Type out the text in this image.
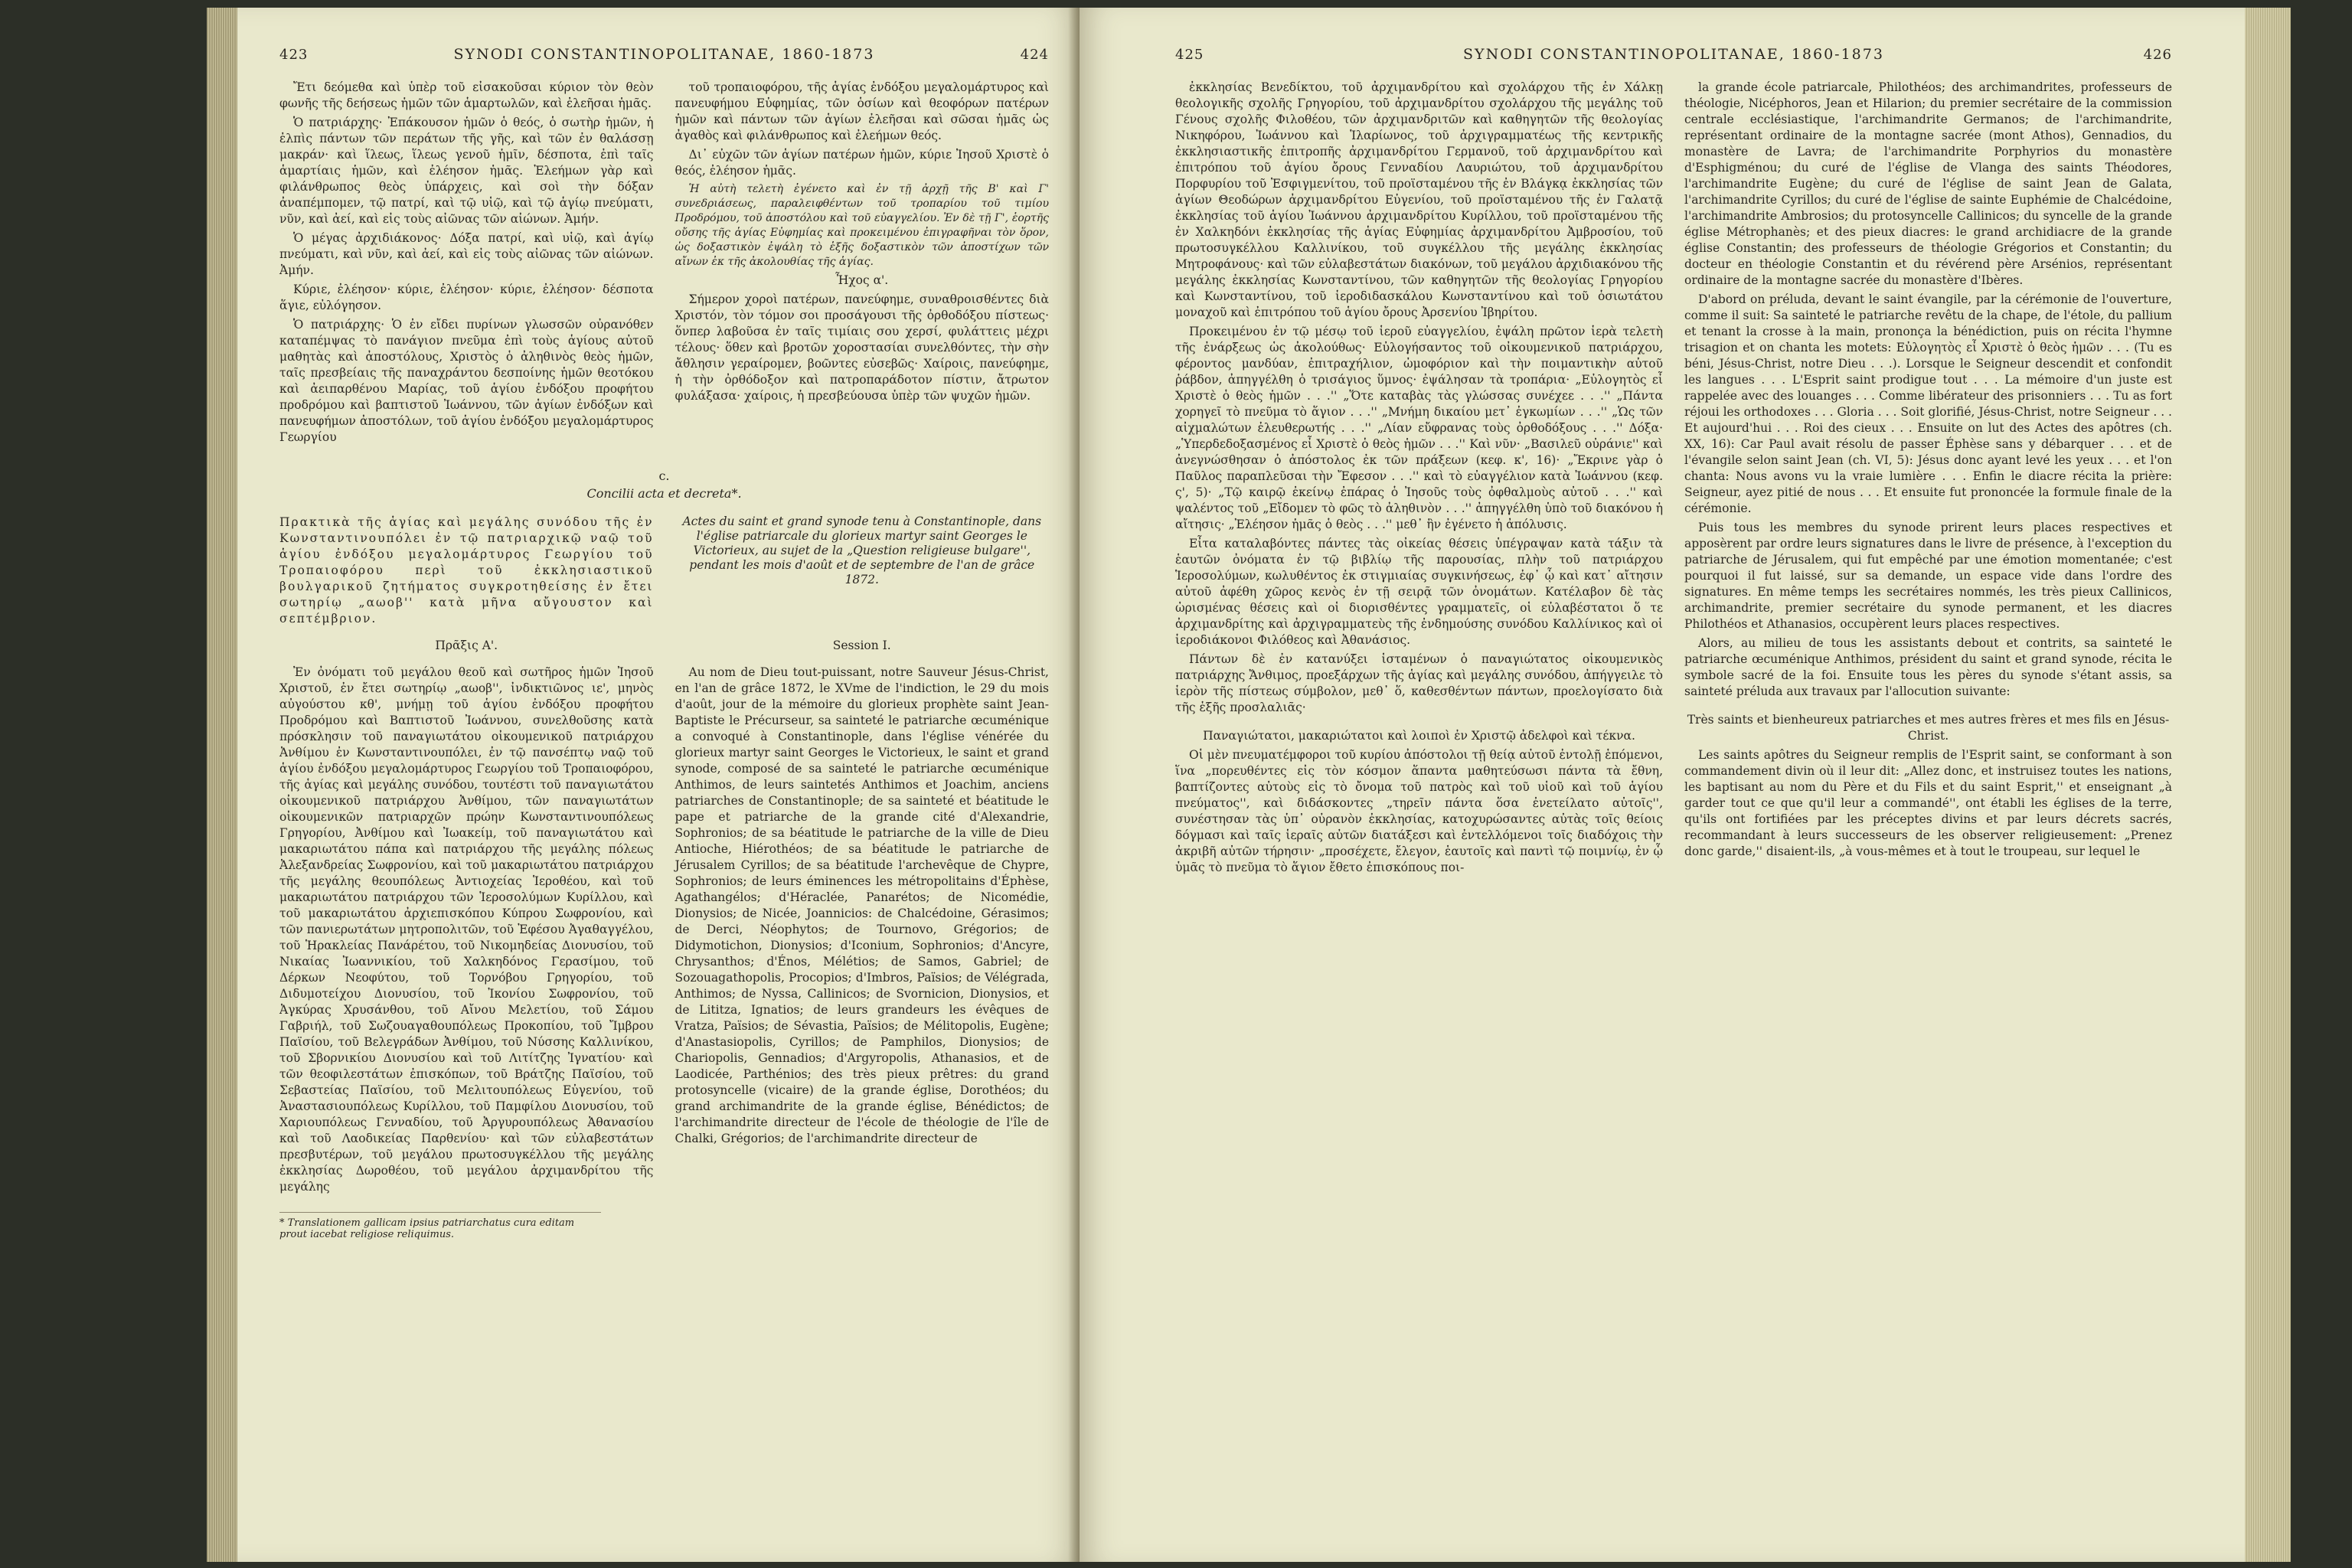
423	SYNODI CONSTANTINOPOLITANAE, 1860-1873	424

Ἔτι δεόμεθα καὶ ὑπὲρ τοῦ εἰσακοῦσαι κύριον τὸν θεὸν φωνῆς τῆς δεήσεως ἡμῶν τῶν ἁμαρτωλῶν, καὶ ἐλεῆσαι ἡμᾶς.

Ὁ πατριάρχης· Ἐπάκουσον ἡμῶν ὁ θεός, ὁ σωτὴρ ἡμῶν, ἡ ἐλπὶς πάντων τῶν περάτων τῆς γῆς, καὶ τῶν ἐν θαλάσσῃ μακράν· καὶ ἵλεως, ἵλεως γενοῦ ἡμῖν, δέσποτα, ἐπὶ ταῖς ἁμαρτίαις ἡμῶν, καὶ ἐλέησον ἡμᾶς. Ἐλεήμων γὰρ καὶ φιλάνθρωπος θεὸς ὑπάρχεις, καὶ σοὶ τὴν δόξαν ἀναπέμπομεν, τῷ πατρί, καὶ τῷ υἱῷ, καὶ τῷ ἁγίῳ πνεύματι, νῦν, καὶ ἀεί, καὶ εἰς τοὺς αἰῶνας τῶν αἰώνων. Ἀμήν.

Ὁ μέγας ἀρχιδιάκονος· Δόξα πατρί, καὶ υἱῷ, καὶ ἁγίῳ πνεύματι, καὶ νῦν, καὶ ἀεί, καὶ εἰς τοὺς αἰῶνας τῶν αἰώνων. Ἀμήν.

Κύριε, ἐλέησον· κύριε, ἐλέησον· κύριε, ἐλέησον· δέσποτα ἅγιε, εὐλόγησον.

Ὁ πατριάρχης· Ὁ ἐν εἴδει πυρίνων γλωσσῶν οὐρανόθεν καταπέμψας τὸ πανάγιον πνεῦμα ἐπὶ τοὺς ἁγίους αὐτοῦ μαθητὰς καὶ ἀποστόλους, Χριστὸς ὁ ἀληθινὸς θεὸς ἡμῶν, ταῖς πρεσβείαις τῆς παναχράντου δεσποίνης ἡμῶν θεοτόκου καὶ ἀειπαρθένου Μαρίας, τοῦ ἁγίου ἐνδόξου προφήτου προδρόμου καὶ βαπτιστοῦ Ἰωάννου, τῶν ἁγίων ἐνδόξων καὶ πανευφήμων ἀποστόλων, τοῦ ἁγίου ἐνδόξου μεγαλομάρτυρος Γεωργίου

τοῦ τροπαιοφόρου, τῆς ἁγίας ἐνδόξου μεγαλομάρτυρος καὶ πανευφήμου Εὐφημίας, τῶν ὁσίων καὶ θεοφόρων πατέρων ἡμῶν καὶ πάντων τῶν ἁγίων ἐλεῆσαι καὶ σῶσαι ἡμᾶς ὡς ἀγαθὸς καὶ φιλάνθρωπος καὶ ἐλεήμων θεός.

Δι᾽ εὐχῶν τῶν ἁγίων πατέρων ἡμῶν, κύριε Ἰησοῦ Χριστὲ ὁ θεός, ἐλέησον ἡμᾶς.

Ἡ αὐτὴ τελετὴ ἐγένετο καὶ ἐν τῇ ἀρχῇ τῆς Β' καὶ Γ' συνεδριάσεως, παραλειφθέντων τοῦ τροπαρίου τοῦ τιμίου Προδρόμου, τοῦ ἀποστόλου καὶ τοῦ εὐαγγελίου. Ἐν δὲ τῇ Γ', ἑορτῆς οὔσης τῆς ἁγίας Εὐφημίας καὶ προκειμένου ἐπιγραφῆναι τὸν ὅρον, ὡς δοξαστικὸν ἐψάλη τὸ ἑξῆς δοξαστικὸν τῶν ἀποστίχων τῶν αἴνων ἐκ τῆς ἀκολουθίας τῆς ἁγίας.

Ἦχος α'.

Σήμερον χοροὶ πατέρων, πανεύφημε, συναθροισθέντες διὰ Χριστόν, τὸν τόμον σοι προσάγουσι τῆς ὀρθοδόξου πίστεως· ὅνπερ λαβοῦσα ἐν ταῖς τιμίαις σου χερσί, φυλάττεις μέχρι τέλους· ὅθεν καὶ βροτῶν χοροστασίαι συνελθόντες, τὴν σὴν ἄθλησιν γεραίρομεν, βοῶντες εὐσεβῶς· Χαίροις, πανεύφημε, ἡ τὴν ὀρθόδοξον καὶ πατροπαράδοτον πίστιν, ἄτρωτον φυλάξασα· χαίροις, ἡ πρεσβεύουσα ὑπὲρ τῶν ψυχῶν ἡμῶν.

c.
Concilii acta et decreta*.
Πρακτικὰ τῆς ἁγίας καὶ μεγάλης συνόδου τῆς ἐν Κωνσταντινουπόλει ἐν τῷ πατριαρχικῷ ναῷ τοῦ ἁγίου ἐνδόξου μεγαλομάρτυρος Γεωργίου τοῦ Τροπαιοφόρου περὶ τοῦ ἐκκλησιαστικοῦ βουλγαρικοῦ ζητήματος συγκροτηθείσης ἐν ἔτει σωτηρίῳ „αωοβ'' κατὰ μῆνα αὔγουστον καὶ σεπτέμβριον.
Actes du saint et grand synode tenu à Constantinople, dans l'église patriarcale du glorieux martyr saint Georges le Victorieux, au sujet de la „Question religieuse bulgare'', pendant les mois d'août et de septembre de l'an de grâce 1872.
Πρᾶξις Α'.	Session I.

Ἐν ὀνόματι τοῦ μεγάλου θεοῦ καὶ σωτῆρος ἡμῶν Ἰησοῦ Χριστοῦ, ἐν ἔτει σωτηρίῳ „αωοβ'', ἰνδικτιῶνος ιε', μηνὸς αὐγούστου κθ', μνήμῃ τοῦ ἁγίου ἐνδόξου προφήτου Προδρόμου καὶ Βαπτιστοῦ Ἰωάννου, συνελθοῦσης κατὰ πρόσκλησιν τοῦ παναγιωτάτου οἰκουμενικοῦ πατριάρχου Ἀνθίμου ἐν Κωνσταντινουπόλει, ἐν τῷ πανσέπτῳ ναῷ τοῦ ἁγίου ἐνδόξου μεγαλομάρτυρος Γεωργίου τοῦ Τροπαιοφόρου, τῆς ἁγίας καὶ μεγάλης συνόδου, τουτέστι τοῦ παναγιωτάτου οἰκουμενικοῦ πατριάρχου Ἀνθίμου, τῶν παναγιωτάτων οἰκουμενικῶν πατριαρχῶν πρώην Κωνσταντινουπόλεως Γρηγορίου, Ἀνθίμου καὶ Ἰωακείμ, τοῦ παναγιωτάτου καὶ μακαριωτάτου πάπα καὶ πατριάρχου τῆς μεγάλης πόλεως Ἀλεξανδρείας Σωφρονίου, καὶ τοῦ μακαριωτάτου πατριάρχου τῆς μεγάλης θεουπόλεως Ἀντιοχείας Ἱεροθέου, καὶ τοῦ μακαριωτάτου πατριάρχου τῶν Ἱεροσολύμων Κυρίλλου, καὶ τοῦ μακαριωτάτου ἀρχιεπισκόπου Κύπρου Σωφρονίου, καὶ τῶν πανιερωτάτων μητροπολιτῶν, τοῦ Ἐφέσου Ἀγαθαγγέλου, τοῦ Ἡρακλείας Πανάρέτου, τοῦ Νικομηδείας Διονυσίου, τοῦ Νικαίας Ἰωαννικίου, τοῦ Χαλκηδόνος Γερασίμου, τοῦ Δέρκων Νεοφύτου, τοῦ Τορνόβου Γρηγορίου, τοῦ Διδυμοτείχου Διονυσίου, τοῦ Ἰκονίου Σωφρονίου, τοῦ Ἀγκύρας Χρυσάνθου, τοῦ Αἴνου Μελετίου, τοῦ Σάμου Γαβριήλ, τοῦ Σωζουαγαθουπόλεως Προκοπίου, τοῦ Ἴμβρου Παϊσίου, τοῦ Βελεγράδων Ἀνθίμου, τοῦ Νύσσης Καλλινίκου, τοῦ Σβορνικίου Διονυσίου καὶ τοῦ Λιτίτζης Ἰγνατίου· καὶ τῶν θεοφιλεστάτων ἐπισκόπων, τοῦ Βράτζης Παϊσίου, τοῦ Σεβαστείας Παϊσίου, τοῦ Μελιτουπόλεως Εὐγενίου, τοῦ Ἀναστασιουπόλεως Κυρίλλου, τοῦ Παμφίλου Διονυσίου, τοῦ Χαριουπόλεως Γενναδίου, τοῦ Ἀργυρουπόλεως Ἀθανασίου καὶ τοῦ Λαοδικείας Παρθενίου· καὶ τῶν εὐλαβεστάτων πρεσβυτέρων, τοῦ μεγάλου πρωτοσυγκέλλου τῆς μεγάλης ἐκκλησίας Δωροθέου, τοῦ μεγάλου ἀρχιμανδρίτου τῆς μεγάλης

Au nom de Dieu tout-puissant, notre Sauveur Jésus-Christ, en l'an de grâce 1872, le XVme de l'indiction, le 29 du mois d'août, jour de la mémoire du glorieux prophète saint Jean-Baptiste le Précurseur, sa sainteté le patriarche œcuménique a convoqué à Constantinople, dans l'église vénérée du glorieux martyr saint Georges le Victorieux, le saint et grand synode, composé de sa sainteté le patriarche œcuménique Anthimos, de leurs saintetés Anthimos et Joachim, anciens patriarches de Constantinople; de sa sainteté et béatitude le pape et patriarche de la grande cité d'Alexandrie, Sophronios; de sa béatitude le patriarche de la ville de Dieu Antioche, Hiérothéos; de sa béatitude le patriarche de Jérusalem Cyrillos; de sa béatitude l'archevêque de Chypre, Sophronios; de leurs éminences les métropolitains d'Éphèse, Agathangélos; d'Héraclée, Panarétos; de Nicomédie, Dionysios; de Nicée, Joannicios: de Chalcédoine, Gérasimos; de Derci, Néophytos; de Tournovo, Grégorios; de Didymotichon, Dionysios; d'Iconium, Sophronios; d'Ancyre, Chrysanthos; d'Énos, Mélétios; de Samos, Gabriel; de Sozouagathopolis, Procopios; d'Imbros, Païsios; de Vélégrada, Anthimos; de Nyssa, Callinicos; de Svornicion, Dionysios, et de Lititza, Ignatios; de leurs grandeurs les évêques de Vratza, Païsios; de Sévastia, Païsios; de Mélitopolis, Eugène; d'Anastasiopolis, Cyrillos; de Pamphilos, Dionysios; de Chariopolis, Gennadios; d'Argyropolis, Athanasios, et de Laodicée, Parthénios; des très pieux prêtres: du grand protosyncelle (vicaire) de la grande église, Dorothéos; du grand archimandrite de la grande église, Bénédictos; de l'archimandrite directeur de l'école de théologie de l'île de Chalki, Grégorios; de l'archimandrite directeur de

* Translationem gallicam ipsius patriarchatus cura editam prout iacebat religiose reliquimus.
425	SYNODI CONSTANTINOPOLITANAE, 1860-1873	426

ἐκκλησίας Βενεδίκτου, τοῦ ἀρχιμανδρίτου καὶ σχολάρχου τῆς ἐν Χάλκῃ θεολογικῆς σχολῆς Γρηγορίου, τοῦ ἀρχιμανδρίτου σχολάρχου τῆς μεγάλης τοῦ Γένους σχολῆς Φιλοθέου, τῶν ἀρχιμανδριτῶν καὶ καθηγητῶν τῆς θεολογίας Νικηφόρου, Ἰωάννου καὶ Ἱλαρίωνος, τοῦ ἀρχιγραμματέως τῆς κεντρικῆς ἐκκλησιαστικῆς ἐπιτροπῆς ἀρχιμανδρίτου Γερμανοῦ, τοῦ ἀρχιμανδρίτου καὶ ἐπιτρόπου τοῦ ἁγίου ὄρους Γενναδίου Λαυριώτου, τοῦ ἀρχιμανδρίτου Πορφυρίου τοῦ Ἐσφιγμενίτου, τοῦ προϊσταμένου τῆς ἐν Βλάγκᾳ ἐκκλησίας τῶν ἁγίων Θεοδώρων ἀρχιμανδρίτου Εὐγενίου, τοῦ προϊσταμένου τῆς ἐν Γαλατᾷ ἐκκλησίας τοῦ ἁγίου Ἰωάννου ἀρχιμανδρίτου Κυρίλλου, τοῦ προϊσταμένου τῆς ἐν Χαλκηδόνι ἐκκλησίας τῆς ἁγίας Εὐφημίας ἀρχιμανδρίτου Ἀμβροσίου, τοῦ πρωτοσυγκέλλου Καλλινίκου, τοῦ συγκέλλου τῆς μεγάλης ἐκκλησίας Μητροφάνους· καὶ τῶν εὐλαβεστάτων διακόνων, τοῦ μεγάλου ἀρχιδιακόνου τῆς μεγάλης ἐκκλησίας Κωνσταντίνου, τῶν καθηγητῶν τῆς θεολογίας Γρηγορίου καὶ Κωνσταντίνου, τοῦ ἱεροδιδασκάλου Κωνσταντίνου καὶ τοῦ ὁσιωτάτου μοναχοῦ καὶ ἐπιτρόπου τοῦ ἁγίου ὄρους Ἀρσενίου Ἰβηρίτου.

Προκειμένου ἐν τῷ μέσῳ τοῦ ἱεροῦ εὐαγγελίου, ἐψάλη πρῶτον ἱερὰ τελετὴ τῆς ἐνάρξεως ὡς ἀκολούθως· Εὐλογήσαντος τοῦ οἰκουμενικοῦ πατριάρχου, φέροντος μανδύαν, ἐπιτραχήλιον, ὠμοφόριον καὶ τὴν ποιμαντικὴν αὐτοῦ ῥάβδον, ἀπηγγέλθη ὁ τρισάγιος ὕμνος· ἐψάλησαν τὰ τροπάρια· „Εὐλογητὸς εἶ Χριστὲ ὁ θεὸς ἡμῶν . . .'' „Ὅτε καταβὰς τὰς γλώσσας συνέχεε . . .'' „Πάντα χορηγεῖ τὸ πνεῦμα τὸ ἅγιον . . .'' „Μνήμη δικαίου μετ᾽ ἐγκωμίων . . .'' „Ὡς τῶν αἰχμαλώτων ἐλευθερωτής . . .'' „Λίαν εὔφρανας τοὺς ὀρθοδόξους . . .'' Δόξα· „Ὑπερδεδοξασμένος εἶ Χριστὲ ὁ θεὸς ἡμῶν . . .'' Καὶ νῦν· „Βασιλεῦ οὐράνιε'' καὶ ἀνεγνώσθησαν ὁ ἀπόστολος ἐκ τῶν πράξεων (κεφ. κ', 16)· „Ἔκρινε γὰρ ὁ Παῦλος παραπλεῦσαι τὴν Ἔφεσον . . .'' καὶ τὸ εὐαγγέλιον κατὰ Ἰωάννου (κεφ. ς', 5)· „Τῷ καιρῷ ἐκείνῳ ἐπάρας ὁ Ἰησοῦς τοὺς ὀφθαλμοὺς αὐτοῦ . . .'' καὶ ψαλέντος τοῦ „Εἴδομεν τὸ φῶς τὸ ἀληθινὸν . . .'' ἀπηγγέλθη ὑπὸ τοῦ διακόνου ἡ αἴτησις· „Ἐλέησον ἡμᾶς ὁ θεὸς . . .'' μεθ᾽ ἣν ἐγένετο ἡ ἀπόλυσις.

Εἶτα καταλαβόντες πάντες τὰς οἰκείας θέσεις ὑπέγραψαν κατὰ τάξιν τὰ ἑαυτῶν ὀνόματα ἐν τῷ βιβλίῳ τῆς παρουσίας, πλὴν τοῦ πατριάρχου Ἱεροσολύμων, κωλυθέντος ἐκ στιγμιαίας συγκινήσεως, ἐφ᾽ ᾧ καὶ κατ᾽ αἴτησιν αὐτοῦ ἀφέθη χῶρος κενὸς ἐν τῇ σειρᾷ τῶν ὀνομάτων. Κατέλαβον δὲ τὰς ὡρισμένας θέσεις καὶ οἱ διορισθέντες γραμματεῖς, οἱ εὐλαβέστατοι ὅ τε ἀρχιμανδρίτης καὶ ἀρχιγραμματεὺς τῆς ἐνδημούσης συνόδου Καλλίνικος καὶ οἱ ἱεροδιάκονοι Φιλόθεος καὶ Ἀθανάσιος.

Πάντων δὲ ἐν κατανύξει ἱσταμένων ὁ παναγιώτατος οἰκουμενικὸς πατριάρχης Ἄνθιμος, προεξάρχων τῆς ἁγίας καὶ μεγάλης συνόδου, ἀπήγγειλε τὸ ἱερὸν τῆς πίστεως σύμβολον, μεθ᾽ ὅ, καθεσθέντων πάντων, προελογίσατο διὰ τῆς ἑξῆς προσλαλιᾶς·

Παναγιώτατοι, μακαριώτατοι καὶ λοιποὶ ἐν Χριστῷ ἀδελφοὶ καὶ τέκνα.

Οἱ μὲν πνευματέμφοροι τοῦ κυρίου ἀπόστολοι τῇ θείᾳ αὐτοῦ ἐντολῇ ἑπόμενοι, ἵνα „πορευθέντες εἰς τὸν κόσμον ἅπαντα μαθητεύσωσι πάντα τὰ ἔθνη, βαπτίζοντες αὐτοὺς εἰς τὸ ὄνομα τοῦ πατρὸς καὶ τοῦ υἱοῦ καὶ τοῦ ἁγίου πνεύματος'', καὶ διδάσκοντες „τηρεῖν πάντα ὅσα ἐνετείλατο αὐτοῖς'', συνέστησαν τὰς ὑπ᾽ οὐρανὸν ἐκκλησίας, κατοχυρώσαντες αὐτὰς τοῖς θείοις δόγμασι καὶ ταῖς ἱεραῖς αὐτῶν διατάξεσι καὶ ἐντελλόμενοι τοῖς διαδόχοις τὴν ἀκριβῆ αὐτῶν τήρησιν· „προσέχετε, ἔλεγον, ἑαυτοῖς καὶ παντὶ τῷ ποιμνίῳ, ἐν ᾧ ὑμᾶς τὸ πνεῦμα τὸ ἅγιον ἔθετο ἐπισκόπους ποι-

la grande école patriarcale, Philothéos; des archimandrites, professeurs de théologie, Nicéphoros, Jean et Hilarion; du premier secrétaire de la commission centrale ecclésiastique, l'archimandrite Germanos; de l'archimandrite, représentant ordinaire de la montagne sacrée (mont Athos), Gennadios, du monastère de Lavra; de l'archimandrite Porphyrios du monastère d'Esphigménou; du curé de l'église de Vlanga des saints Théodores, l'archimandrite Eugène; du curé de l'église de saint Jean de Galata, l'archimandrite Cyrillos; du curé de l'église de sainte Euphémie de Chalcédoine, l'archimandrite Ambrosios; du protosyncelle Callinicos; du syncelle de la grande église Métrophanès; et des pieux diacres: le grand archidiacre de la grande église Constantin; des professeurs de théologie Grégorios et Constantin; du docteur en théologie Constantin et du révérend père Arsénios, représentant ordinaire de la montagne sacrée du monastère d'Ibères.

D'abord on préluda, devant le saint évangile, par la cérémonie de l'ouverture, comme il suit: Sa sainteté le patriarche revêtu de la chape, de l'étole, du pallium et tenant la crosse à la main, prononça la bénédiction, puis on récita l'hymne trisagion et on chanta les motets: Εὐλογητὸς εἶ Χριστὲ ὁ θεὸς ἡμῶν . . . (Tu es béni, Jésus-Christ, notre Dieu . . .). Lorsque le Seigneur descendit et confondit les langues . . . L'Esprit saint prodigue tout . . . La mémoire d'un juste est rappelée avec des louanges . . . Comme libérateur des prisonniers . . . Tu as fort réjoui les orthodoxes . . . Gloria . . . Soit glorifié, Jésus-Christ, notre Seigneur . . . Et aujourd'hui . . . Roi des cieux . . . Ensuite on lut des Actes des apôtres (ch. XX, 16): Car Paul avait résolu de passer Éphèse sans y débarquer . . . et de l'évangile selon saint Jean (ch. VI, 5): Jésus donc ayant levé les yeux . . . et l'on chanta: Nous avons vu la vraie lumière . . . Enfin le diacre récita la prière: Seigneur, ayez pitié de nous . . . Et ensuite fut prononcée la formule finale de la cérémonie.

Puis tous les membres du synode prirent leurs places respectives et apposèrent par ordre leurs signatures dans le livre de présence, à l'exception du patriarche de Jérusalem, qui fut empêché par une émotion momentanée; c'est pourquoi il fut laissé, sur sa demande, un espace vide dans l'ordre des signatures. En même temps les secrétaires nommés, les très pieux Callinicos, archimandrite, premier secrétaire du synode permanent, et les diacres Philothéos et Athanasios, occupèrent leurs places respectives.

Alors, au milieu de tous les assistants debout et contrits, sa sainteté le patriarche œcuménique Anthimos, président du saint et grand synode, récita le symbole sacré de la foi. Ensuite tous les pères du synode s'étant assis, sa sainteté préluda aux travaux par l'allocution suivante:

Très saints et bienheureux patriarches et mes autres frères et mes fils en Jésus-Christ.

Les saints apôtres du Seigneur remplis de l'Esprit saint, se conformant à son commandement divin où il leur dit: „Allez donc, et instruisez toutes les nations, les baptisant au nom du Père et du Fils et du saint Esprit,'' et enseignant „à garder tout ce que qu'il leur a commandé'', ont établi les églises de la terre, qu'ils ont fortifiées par les préceptes divins et par leurs décrets sacrés, recommandant à leurs successeurs de les observer religieusement: „Prenez donc garde,'' disaient-ils, „à vous-mêmes et à tout le troupeau, sur lequel le
